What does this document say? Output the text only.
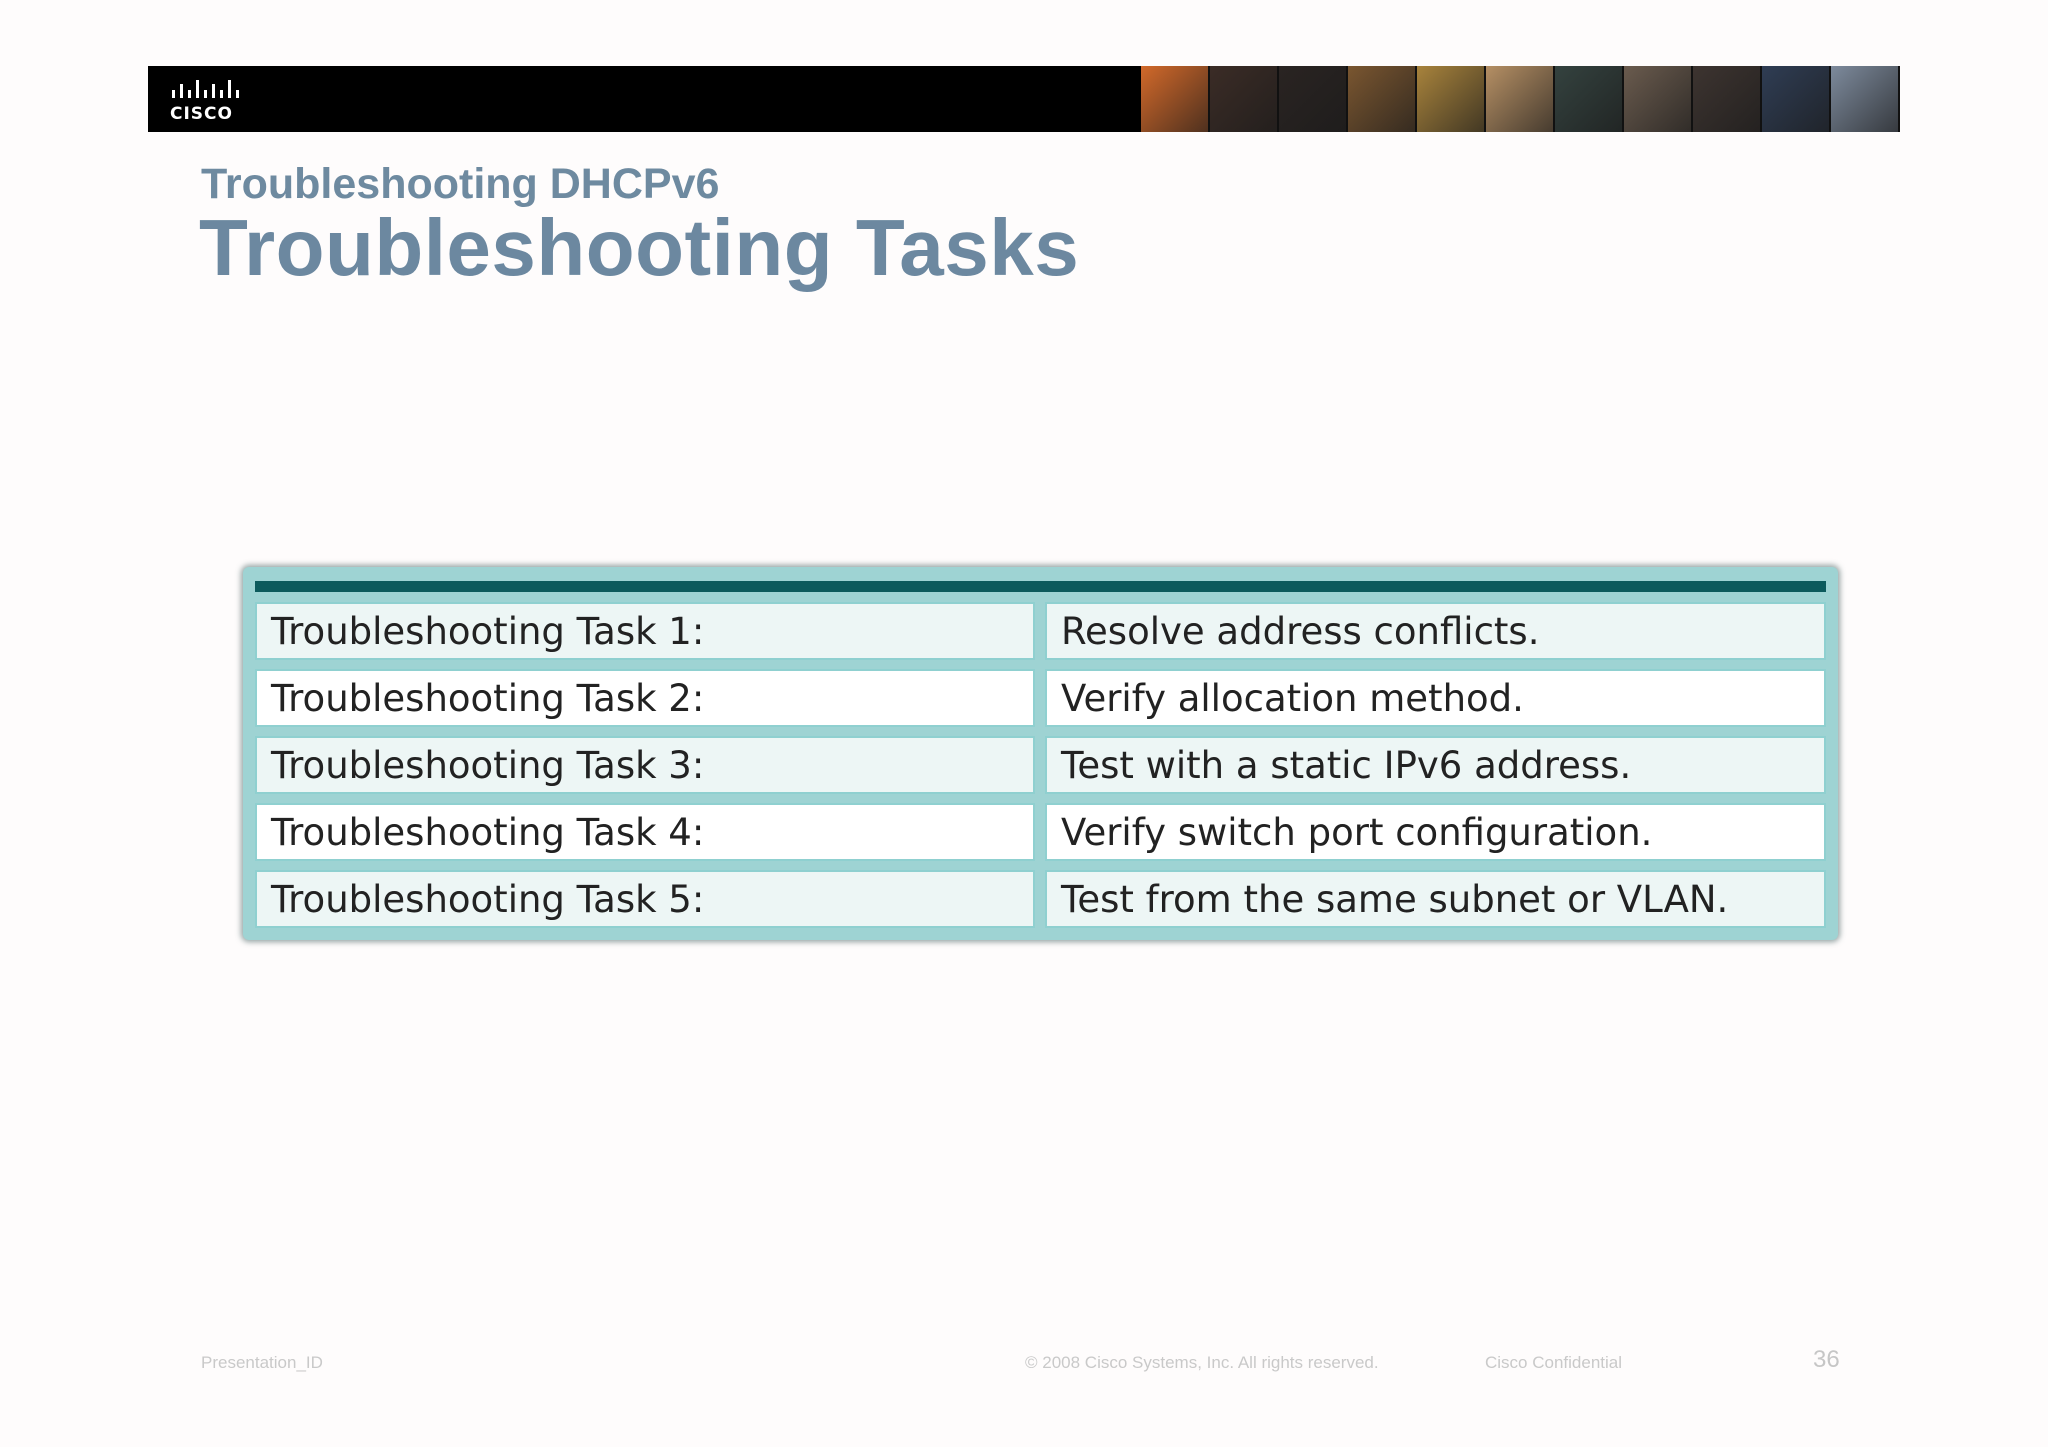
CISCO
Troubleshooting DHCPv6
Troubleshooting Tasks
Troubleshooting Task 1:	Resolve address conflicts.
Troubleshooting Task 2:	Verify allocation method.
Troubleshooting Task 3:	Test with a static IPv6 address.
Troubleshooting Task 4:	Verify switch port configuration.
Troubleshooting Task 5:	Test from the same subnet or VLAN.
Presentation_ID	© 2008 Cisco Systems, Inc. All rights reserved.	Cisco Confidential	36
